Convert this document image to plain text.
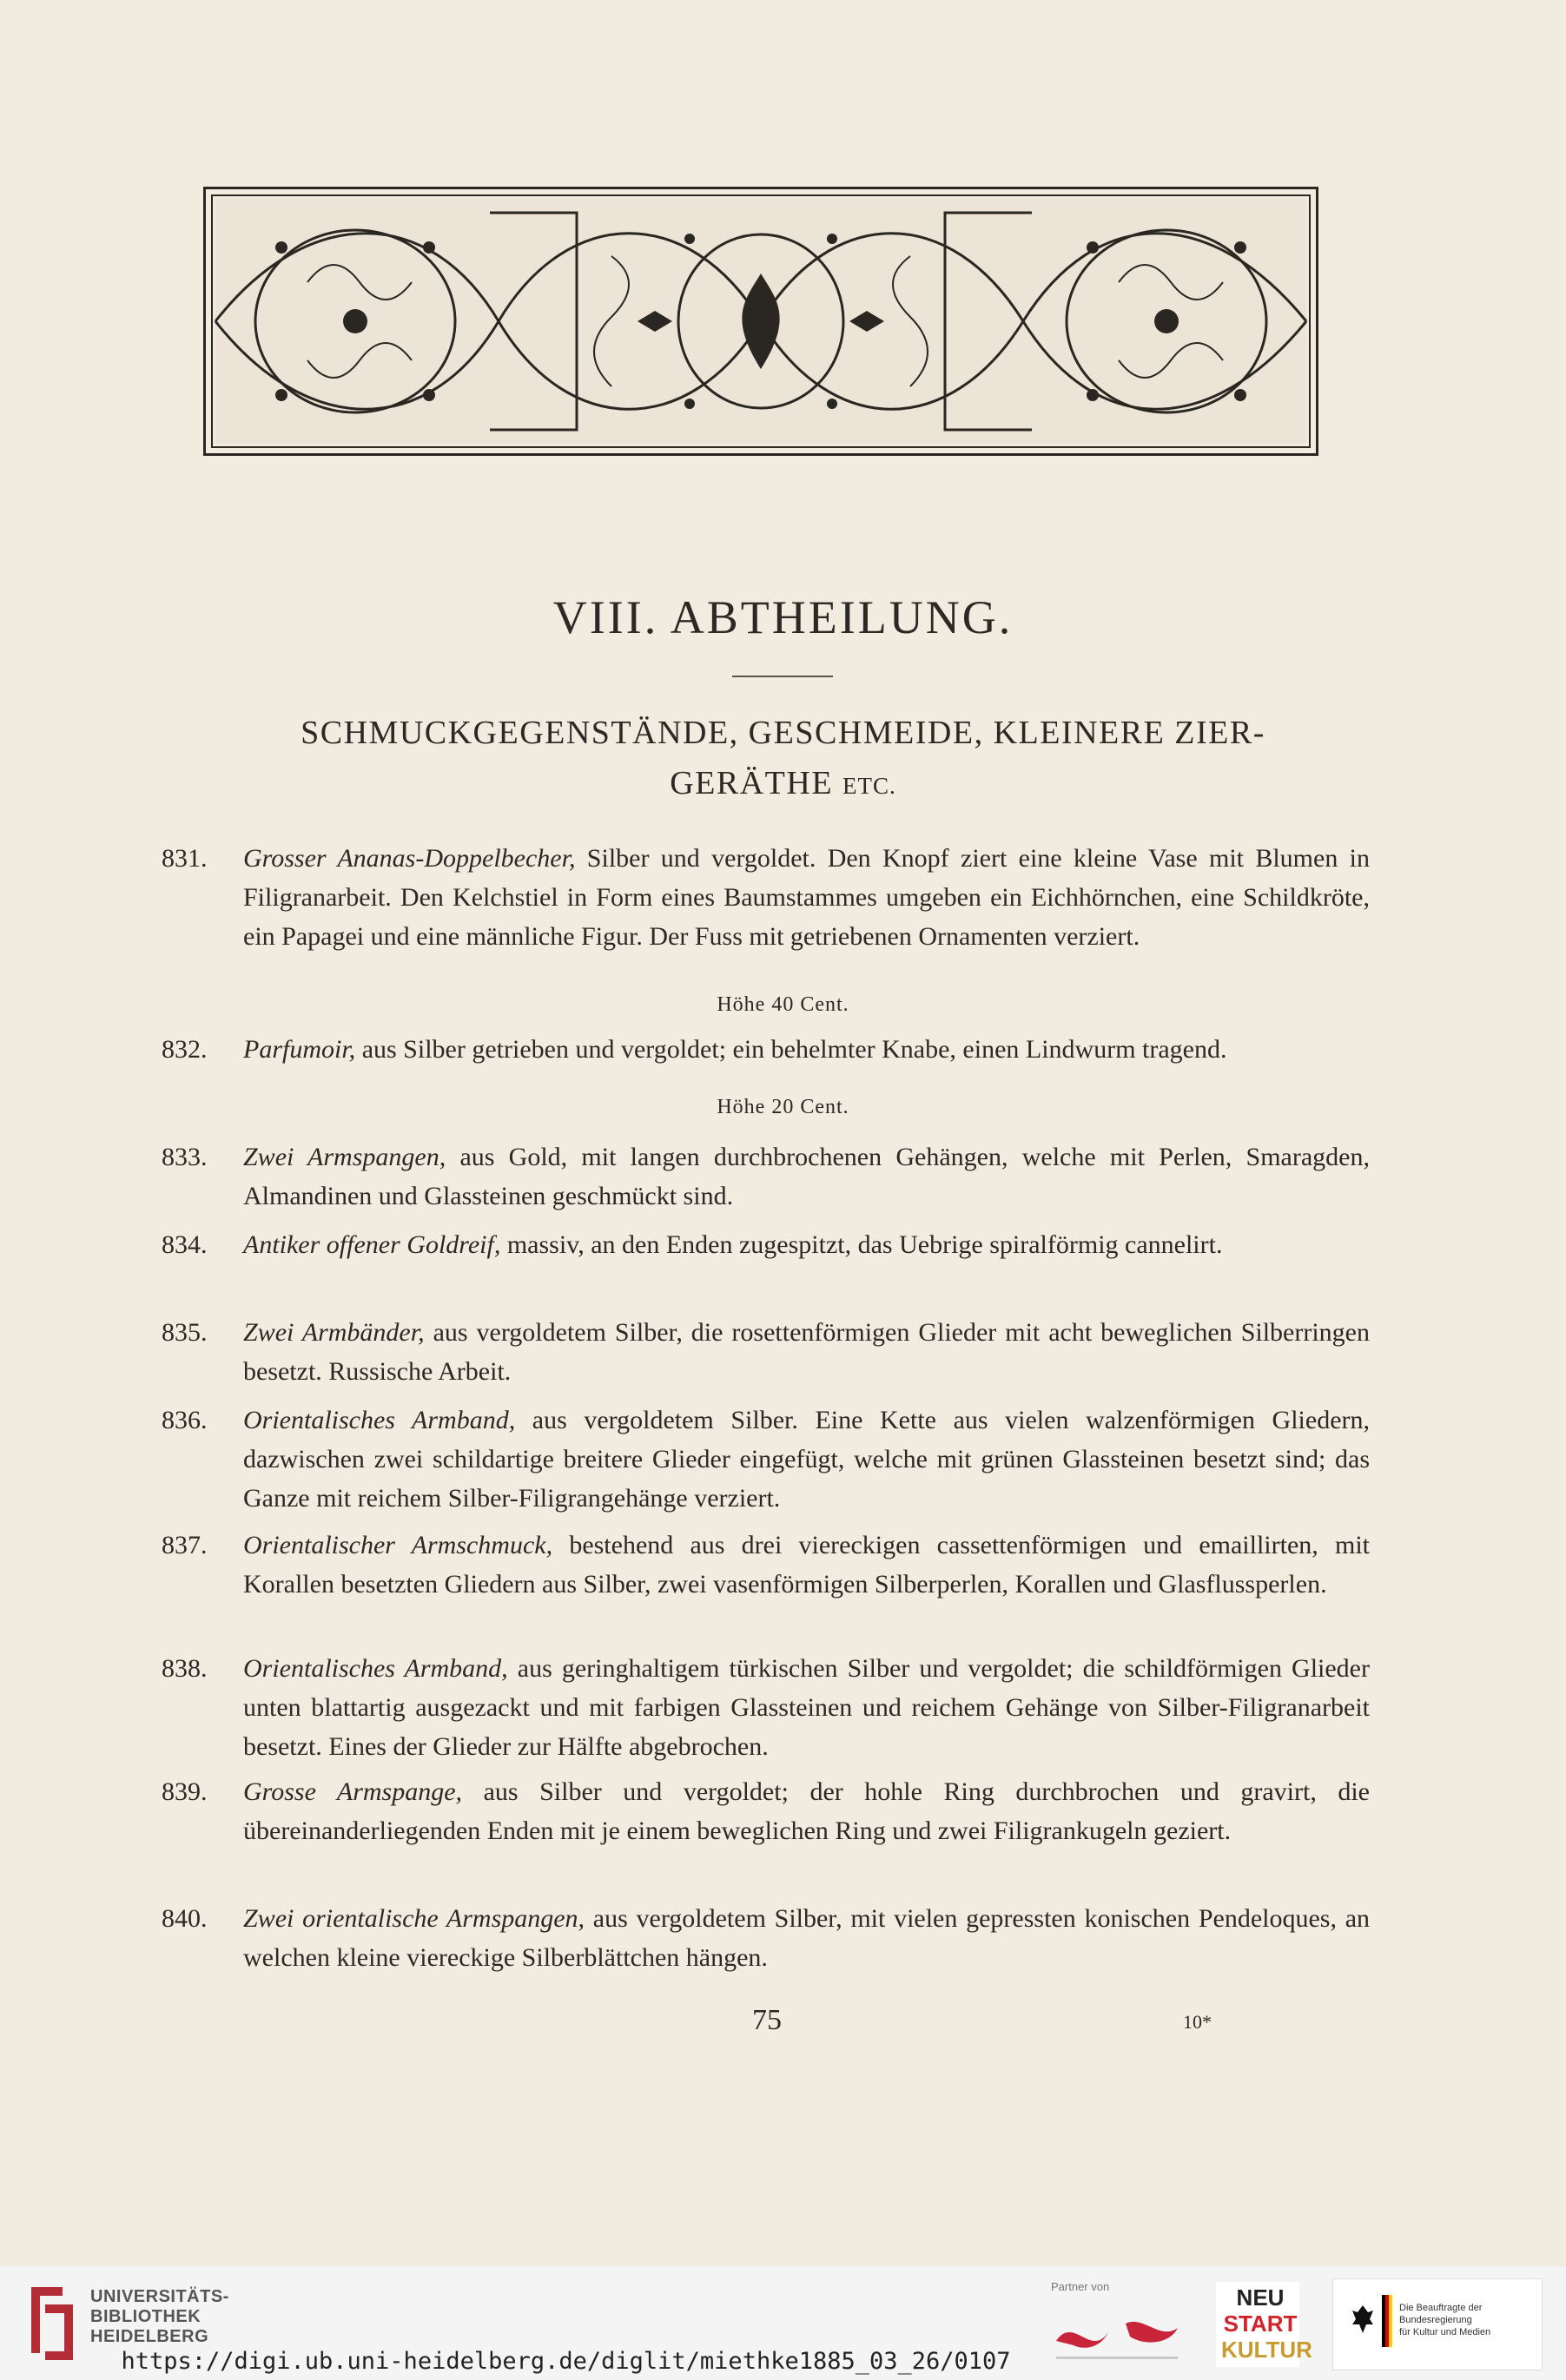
VIII. ABTHEILUNG.
SCHMUCKGEGENSTÄNDE, GESCHMEIDE, KLEINERE ZIER-
GERÄTHE ETC.
831.	Grosser Ananas-Doppelbecher, Silber und vergoldet. Den Knopf ziert eine kleine Vase mit Blumen in Filigranarbeit. Den Kelchstiel in Form eines Baumstammes umgeben ein Eichhörnchen, eine Schildkröte, ein Papagei und eine männliche Figur. Der Fuss mit getriebenen Ornamenten verziert.
Höhe 40 Cent.
832.	Parfumoir, aus Silber getrieben und vergoldet; ein behelmter Knabe, einen Lindwurm tragend.
Höhe 20 Cent.
833.	Zwei Armspangen, aus Gold, mit langen durchbrochenen Gehängen, welche mit Perlen, Smaragden, Almandinen und Glassteinen geschmückt sind.
834.	Antiker offener Goldreif, massiv, an den Enden zugespitzt, das Uebrige spiralförmig cannelirt.
835.	Zwei Armbänder, aus vergoldetem Silber, die rosettenförmigen Glieder mit acht beweglichen Silberringen besetzt. Russische Arbeit.
836.	Orientalisches Armband, aus vergoldetem Silber. Eine Kette aus vielen walzenförmigen Gliedern, dazwischen zwei schildartige breitere Glieder eingefügt, welche mit grünen Glassteinen besetzt sind; das Ganze mit reichem Silber-Filigrangehänge verziert.
837.	Orientalischer Armschmuck, bestehend aus drei viereckigen cassettenförmigen und emaillirten, mit Korallen besetzten Gliedern aus Silber, zwei vasenförmigen Silberperlen, Korallen und Glasflussperlen.
838.	Orientalisches Armband, aus geringhaltigem türkischen Silber und vergoldet; die schildförmigen Glieder unten blattartig ausgezackt und mit farbigen Glassteinen und reichem Gehänge von Silber-Filigranarbeit besetzt. Eines der Glieder zur Hälfte abgebrochen.
839.	Grosse Armspange, aus Silber und vergoldet; der hohle Ring durchbrochen und gravirt, die übereinanderliegenden Enden mit je einem beweglichen Ring und zwei Filigrankugeln geziert.
840.	Zwei orientalische Armspangen, aus vergoldetem Silber, mit vielen gepressten konischen Pendeloques, an welchen kleine viereckige Silberblättchen hängen.
75	10*
UNIVERSITÄTS-
BIBLIOTHEK
HEIDELBERG
https://digi.ub.uni-heidelberg.de/diglit/miethke1885_03_26/0107
Partner von	NEU
START
KULTUR
Die Beauftragte der Bundesregierung
für Kultur und Medien
